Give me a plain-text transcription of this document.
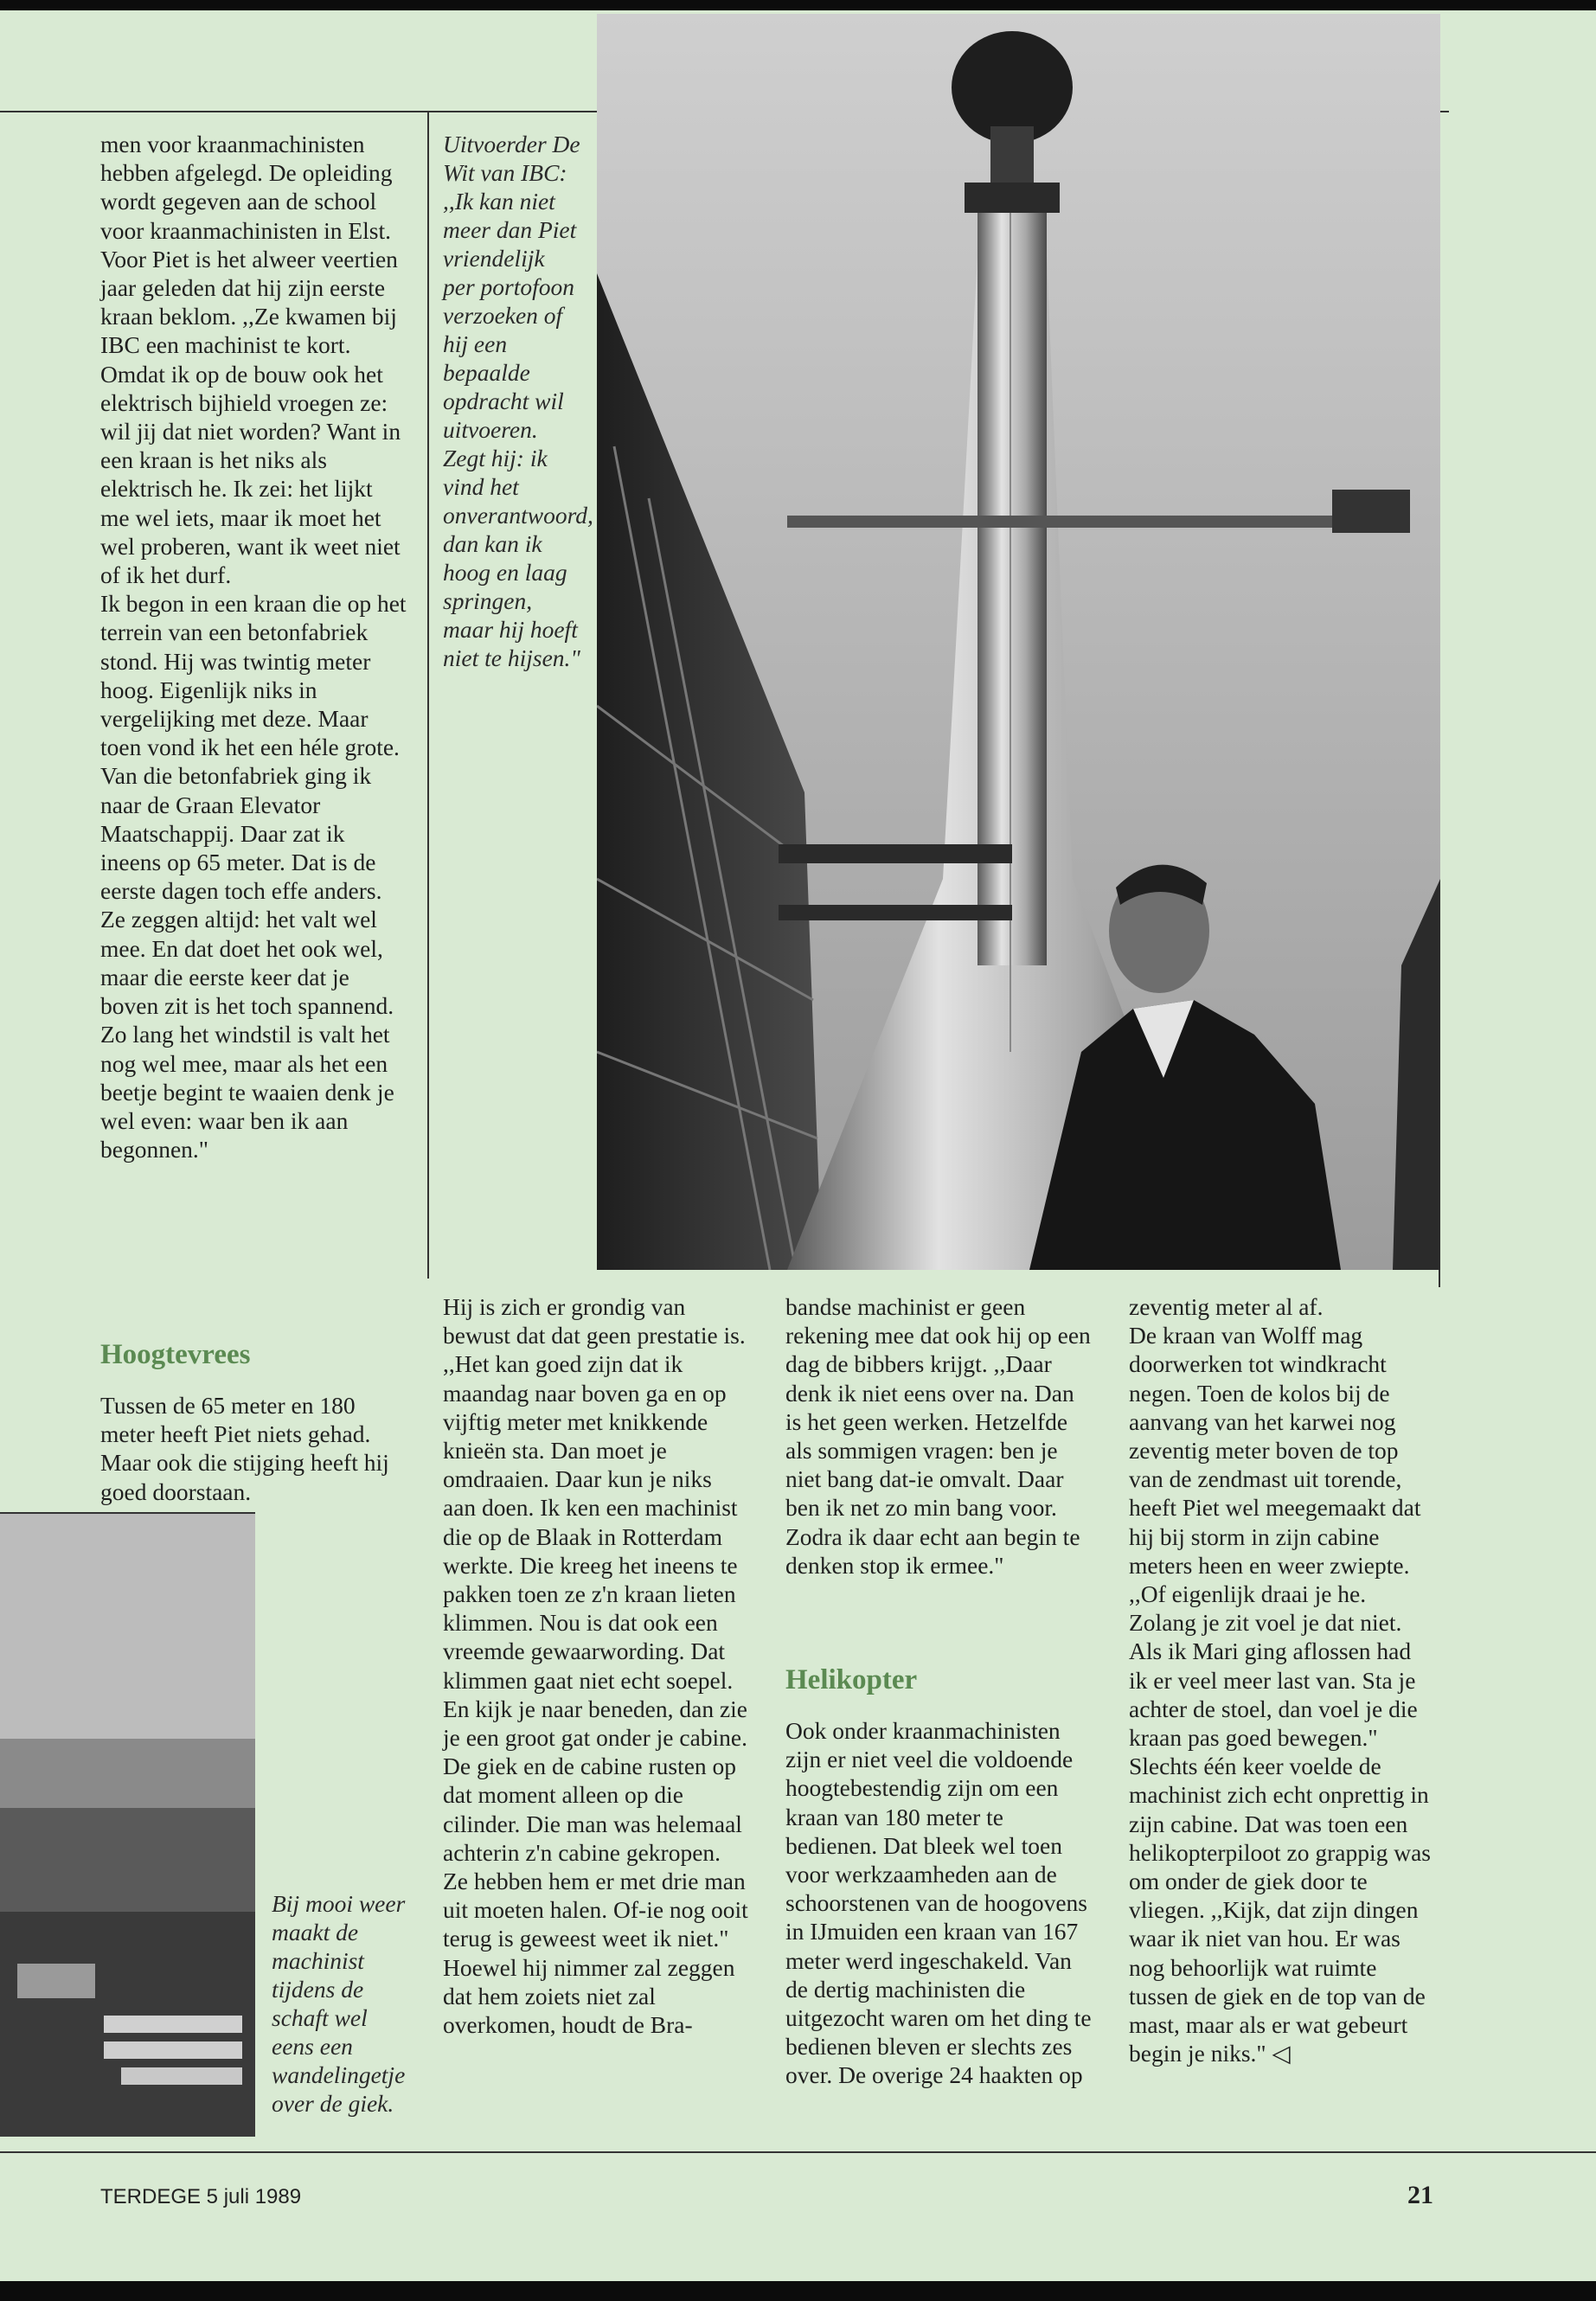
men voor kraanmachinisten hebben afgelegd. De opleiding wordt gegeven aan de school voor kraanmachinisten in Elst.

Voor Piet is het alweer veertien jaar geleden dat hij zijn eerste kraan beklom. ,,Ze kwamen bij IBC een machinist te kort. Omdat ik op de bouw ook het elektrisch bijhield vroegen ze: wil jij dat niet worden? Want in een kraan is het niks als elektrisch he. Ik zei: het lijkt me wel iets, maar ik moet het wel proberen, want ik weet niet of ik het durf.

Ik begon in een kraan die op het terrein van een betonfabriek stond. Hij was twintig meter hoog. Eigenlijk niks in vergelijking met deze. Maar toen vond ik het een héle grote. Van die betonfabriek ging ik naar de Graan Elevator Maatschappij. Daar zat ik ineens op 65 meter. Dat is de eerste dagen toch effe anders. Ze zeggen altijd: het valt wel mee. En dat doet het ook wel, maar die eerste keer dat je boven zit is het toch spannend. Zo lang het windstil is valt het nog wel mee, maar als het een beetje begint te waaien denk je wel even: waar ben ik aan begonnen."

Hoogtevrees

Tussen de 65 meter en 180 meter heeft Piet niets gehad. Maar ook die stijging heeft hij goed doorstaan.

Uitvoerder De Wit van IBC: ,,Ik kan niet meer dan Piet vriendelijk per portofoon verzoeken of hij een bepaalde opdracht wil uitvoeren. Zegt hij: ik vind het onverantwoord, dan kan ik hoog en laag springen, maar hij hoeft niet te hijsen."
Bij mooi weer maakt de machinist tijdens de schaft wel eens een wandelingetje over de giek.

Hij is zich er grondig van bewust dat dat geen prestatie is. ,,Het kan goed zijn dat ik maandag naar boven ga en op vijftig meter met knikkende knieën sta. Dan moet je omdraaien. Daar kun je niks aan doen. Ik ken een machinist die op de Blaak in Rotterdam werkte. Die kreeg het ineens te pakken toen ze z'n kraan lieten klimmen. Nou is dat ook een vreemde gewaarwording. Dat klimmen gaat niet echt soepel. En kijk je naar beneden, dan zie je een groot gat onder je cabine. De giek en de cabine rusten op dat moment alleen op die cilinder. Die man was helemaal achterin z'n cabine gekropen. Ze hebben hem er met drie man uit moeten halen. Of-ie nog ooit terug is geweest weet ik niet."

Hoewel hij nimmer zal zeggen dat hem zoiets niet zal overkomen, houdt de Bra-

bandse machinist er geen rekening mee dat ook hij op een dag de bibbers krijgt. ,,Daar denk ik niet eens over na. Dan is het geen werken. Hetzelfde als sommigen vragen: ben je niet bang dat-ie omvalt. Daar ben ik net zo min bang voor. Zodra ik daar echt aan begin te denken stop ik ermee."

Helikopter

Ook onder kraanmachinisten zijn er niet veel die voldoende hoogtebestendig zijn om een kraan van 180 meter te bedienen. Dat bleek wel toen voor werkzaamheden aan de schoorstenen van de hoogovens in IJmuiden een kraan van 167 meter werd ingeschakeld. Van de dertig machinisten die uitgezocht waren om het ding te bedienen bleven er slechts zes over. De overige 24 haakten op

zeventig meter al af.

De kraan van Wolff mag doorwerken tot windkracht negen. Toen de kolos bij de aanvang van het karwei nog zeventig meter boven de top van de zendmast uit torende, heeft Piet wel meegemaakt dat hij bij storm in zijn cabine meters heen en weer zwiepte. ,,Of eigenlijk draai je he. Zolang je zit voel je dat niet. Als ik Mari ging aflossen had ik er veel meer last van. Sta je achter de stoel, dan voel je die kraan pas goed bewegen."

Slechts één keer voelde de machinist zich echt onprettig in zijn cabine. Dat was toen een helikopterpiloot zo grappig was om onder de giek door te vliegen. ,,Kijk, dat zijn dingen waar ik niet van hou. Er was nog behoorlijk wat ruimte tussen de giek en de top van de mast, maar als er wat gebeurt begin je niks." ◁

TERDEGE 5 juli 1989	21
